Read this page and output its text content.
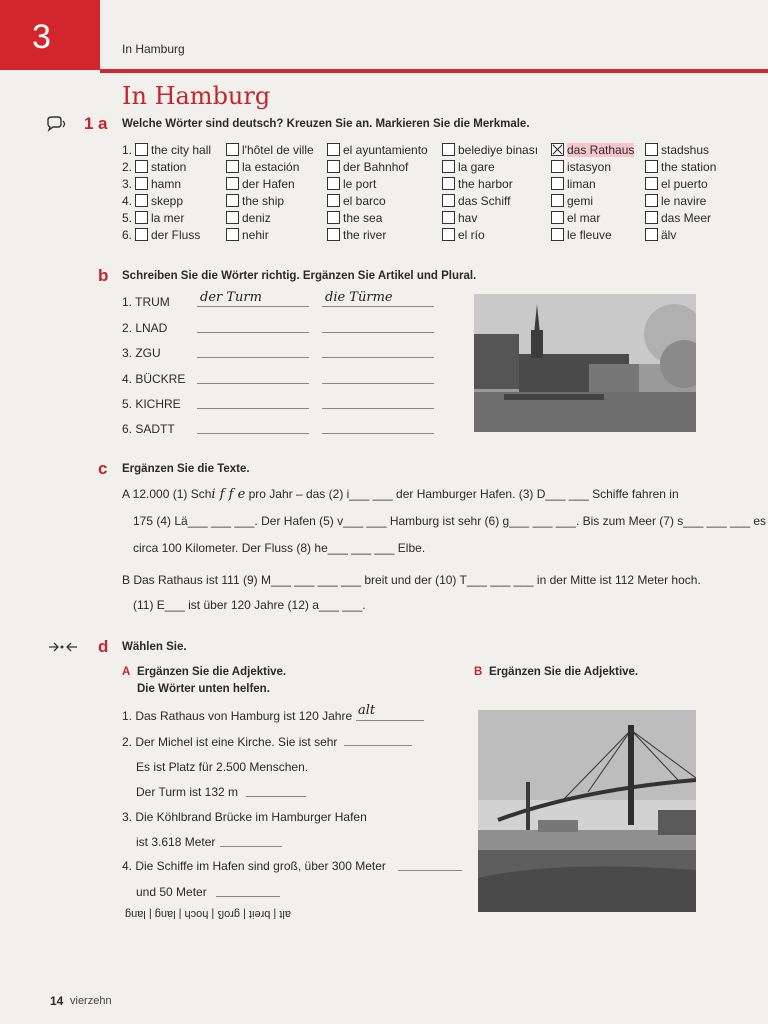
3	In Hamburg
In Hamburg
1 a Welche Wörter sind deutsch? Kreuzen Sie an. Markieren Sie die Merkmale.
1.
2.
3.
4.
5.
6.
the city hall
station
hamn
skepp
la mer
der Fluss
l'hôtel de ville
la estación
der Hafen
the ship
deniz
nehir
el ayuntamiento
der Bahnhof
le port
el barco
the sea
the river
belediye binası
la gare
the harbor
das Schiff
hav
el río
das Rathaus
istasyon
liman
gemi
el mar
le fleuve
stadshus
the station
el puerto
le navire
das Meer
älv
b Schreiben Sie die Wörter richtig. Ergänzen Sie Artikel und Plural.
1. TRUM der Turm	die Türme
2. LNAD
3. ZGU
4. BÜCKRE
5. KICHRE
6. SADTT
c Ergänzen Sie die Texte.
A 12.000 (1) Schi f f e pro Jahr – das (2) i___ ___ der Hamburger Hafen. (3) D___ ___ Schiffe fahren in
175 (4) Lä___ ___ ___. Der Hafen (5) v___ ___ Hamburg ist sehr (6) g___ ___ ___. Bis zum Meer (7) s___ ___ ___ es
circa 100 Kilometer. Der Fluss (8) he___ ___ ___ Elbe.
B Das Rathaus ist 111 (9) M___ ___ ___ ___ breit und der (10) T___ ___ ___ in der Mitte ist 112 Meter hoch.
(11) E___ ist über 120 Jahre (12) a___ ___.
d Wählen Sie.
A Ergänzen Sie die Adjektive.
Die Wörter unten helfen.
B Ergänzen Sie die Adjektive.
1. Das Rathaus von Hamburg ist 120 Jahre alt
2. Der Michel ist eine Kirche. Sie ist sehr
Es ist Platz für 2.500 Menschen.
Der Turm ist 132 m
3. Die Köhlbrand Brücke im Hamburger Hafen
ist 3.618 Meter
4. Die Schiffe im Hafen sind groß, über 300 Meter
und 50 Meter
alt | breit | groß | hoch | lang | lang
14 vierzehn
